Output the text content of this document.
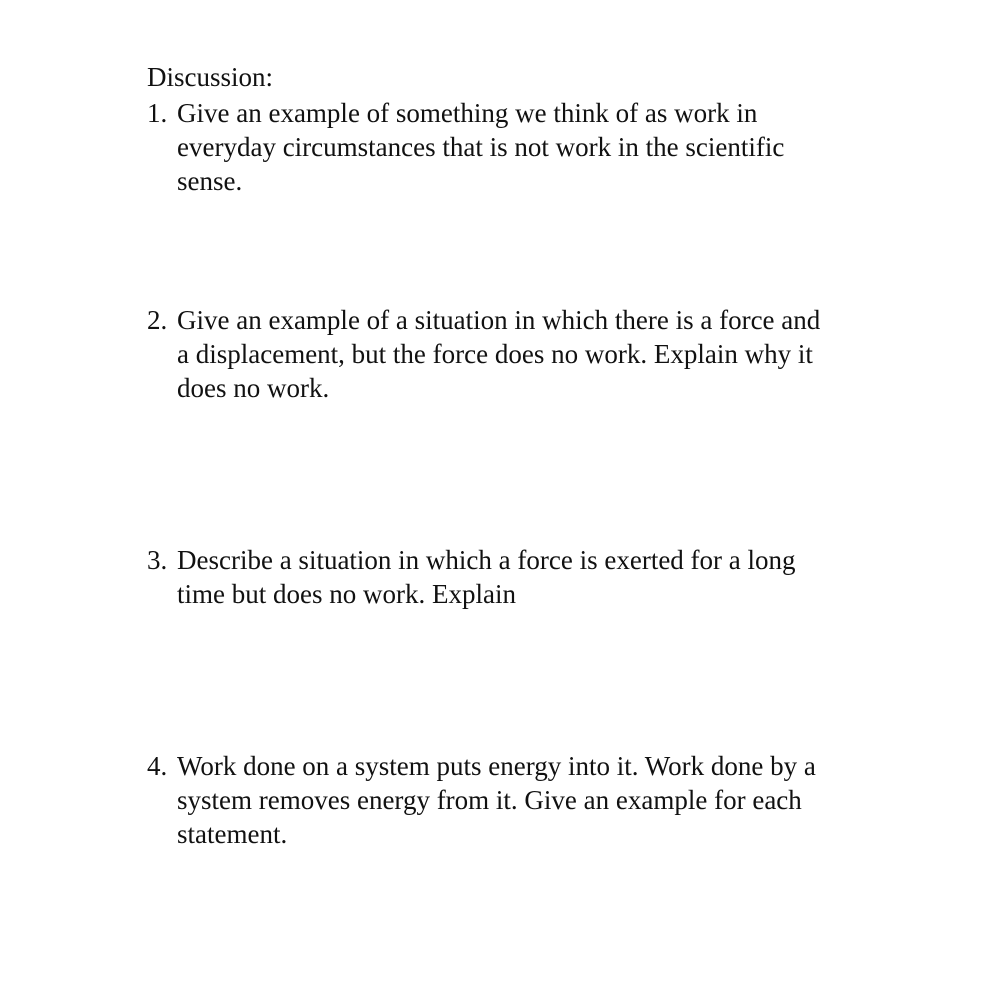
Discussion:
1. Give an example of something we think of as work in
everyday circumstances that is not work in the scientific
sense.
2. Give an example of a situation in which there is a force and
a displacement, but the force does no work. Explain why it
does no work.
3. Describe a situation in which a force is exerted for a long
time but does no work. Explain
4. Work done on a system puts energy into it. Work done by a
system removes energy from it. Give an example for each
statement.
